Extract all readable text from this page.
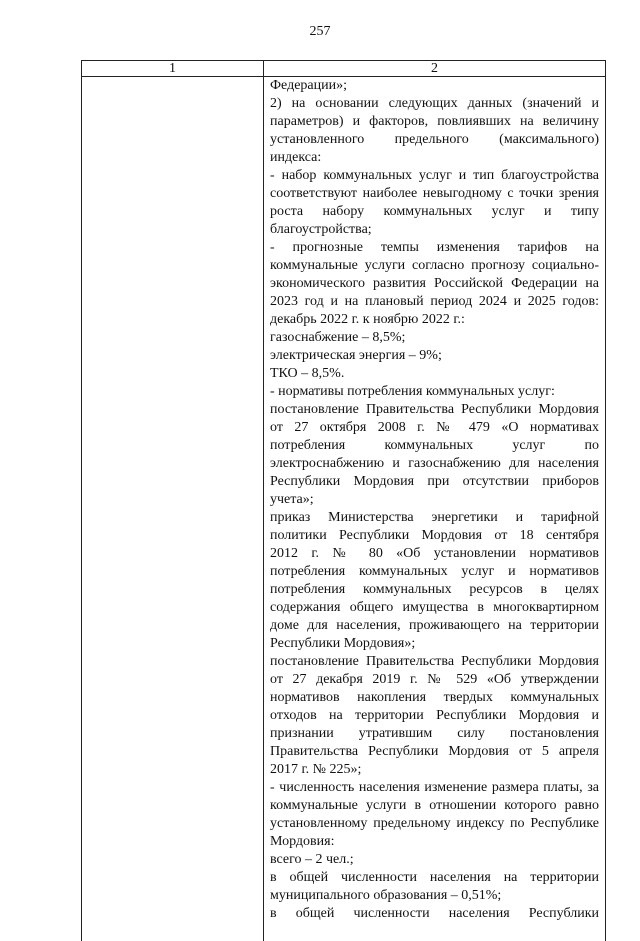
257
1	2
Федерации»;
2) на основании следующих данных (значений и
параметров) и факторов, повлиявших на величину
установленного предельного (максимального)
индекса:
- набор коммунальных услуг и тип благоустройства
соответствуют наиболее невыгодному с точки зрения
роста набору коммунальных услуг и типу
благоустройства;
- прогнозные темпы изменения тарифов на
коммунальные услуги согласно прогнозу социально-
экономического развития Российской Федерации на
2023 год и на плановый период 2024 и 2025 годов:
декабрь 2022 г. к ноябрю 2022 г.:
газоснабжение – 8,5%;
электрическая энергия – 9%;
ТКО – 8,5%.
- нормативы потребления коммунальных услуг:
постановление Правительства Республики Мордовия
от 27 октября 2008 г. № 479 «О нормативах
потребления коммунальных услуг по
электроснабжению и газоснабжению для населения
Республики Мордовия при отсутствии приборов
учета»;
приказ Министерства энергетики и тарифной
политики Республики Мордовия от 18 сентября
2012 г. № 80 «Об установлении нормативов
потребления коммунальных услуг и нормативов
потребления коммунальных ресурсов в целях
содержания общего имущества в многоквартирном
доме для населения, проживающего на территории
Республики Мордовия»;
постановление Правительства Республики Мордовия
от 27 декабря 2019 г. № 529 «Об утверждении
нормативов накопления твердых коммунальных
отходов на территории Республики Мордовия и
признании утратившим силу постановления
Правительства Республики Мордовия от 5 апреля
2017 г. № 225»;
- численность населения изменение размера платы, за
коммунальные услуги в отношении которого равно
установленному предельному индексу по Республике
Мордовия:
всего – 2 чел.;
в общей численности населения на территории
муниципального образования – 0,51%;
в общей численности населения Республики
